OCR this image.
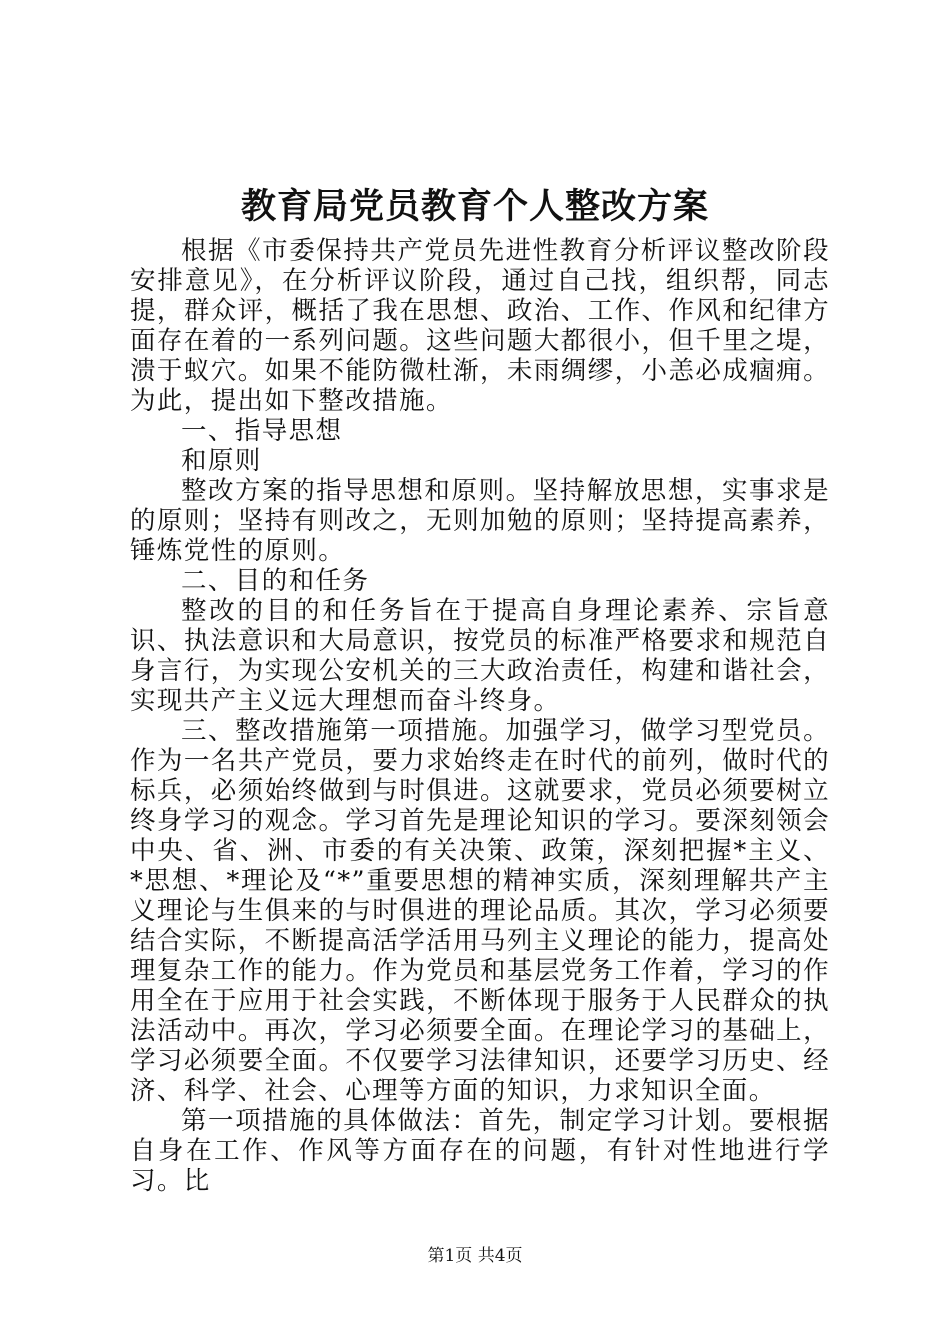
教育局党员教育个人整改方案

根据《市委保持共产党员先进性教育分析评议整改阶段安排意见》，在分析评议阶段，通过自己找，组织帮，同志提，群众评，概括了我在思想、政治、工作、作风和纪律方面存在着的一系列问题。这些问题大都很小，但千里之堤，溃于蚁穴。如果不能防微杜渐，未雨绸缪，小恙必成痼痈。为此，提出如下整改措施。

一、指导思想

和原则

整改方案的指导思想和原则。坚持解放思想，实事求是的原则；坚持有则改之，无则加勉的原则；坚持提高素养，锤炼党性的原则。

二、目的和任务

整改的目的和任务旨在于提高自身理论素养、宗旨意识、执法意识和大局意识，按党员的标准严格要求和规范自身言行，为实现公安机关的三大政治责任，构建和谐社会，实现共产主义远大理想而奋斗终身。

三、整改措施第一项措施。加强学习，做学习型党员。作为一名共产党员，要力求始终走在时代的前列，做时代的标兵，必须始终做到与时俱进。这就要求，党员必须要树立终身学习的观念。学习首先是理论知识的学习。要深刻领会中央、省、洲、市委的有关决策、政策，深刻把握*主义、*思想、*理论及“*”重要思想的精神实质，深刻理解共产主义理论与生俱来的与时俱进的理论品质。其次，学习必须要结合实际，不断提高活学活用马列主义理论的能力，提高处理复杂工作的能力。作为党员和基层党务工作着，学习的作用全在于应用于社会实践，不断体现于服务于人民群众的执法活动中。再次，学习必须要全面。在理论学习的基础上，学习必须要全面。不仅要学习法律知识，还要学习历史、经济、科学、社会、心理等方面的知识，力求知识全面。

第一项措施的具体做法：首先，制定学习计划。要根据自身在工作、作风等方面存在的问题，有针对性地进行学习。比

第1页 共4页
